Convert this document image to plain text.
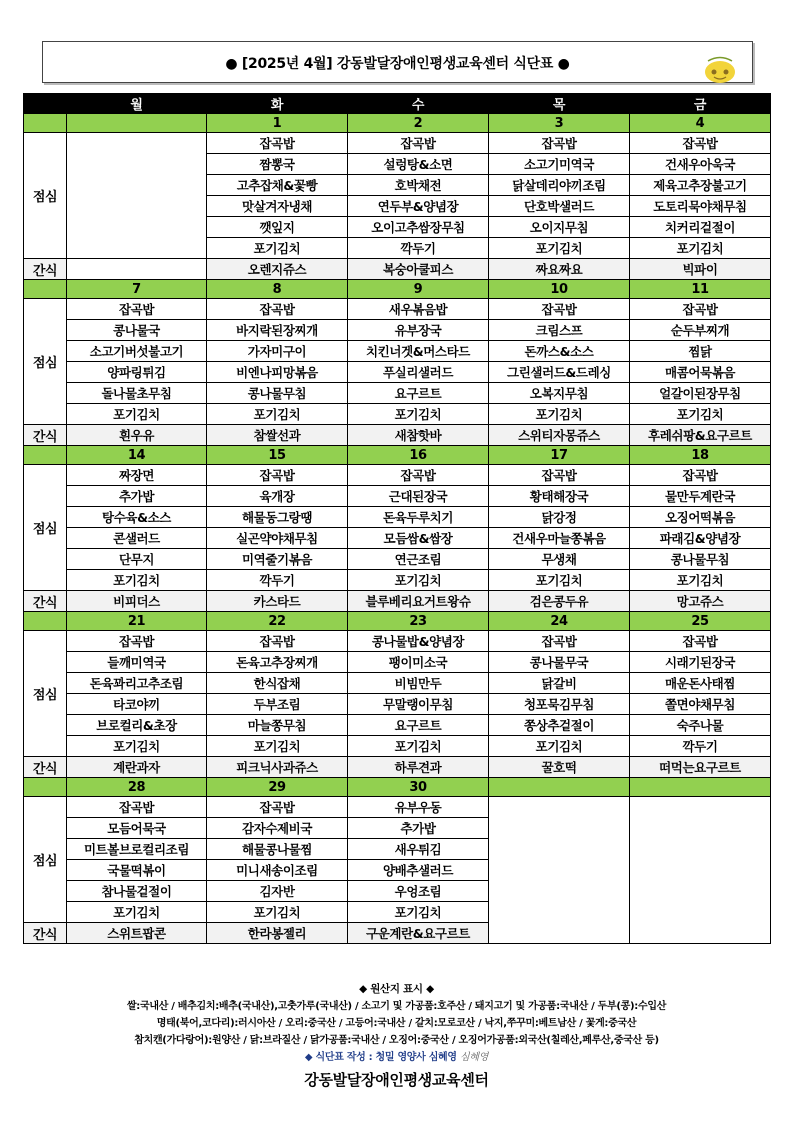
● [2025년 4월] 강동발달장애인평생교육센터 식단표 ●
	월	화	수	목	금
		1	2	3	4
점심		잡곡밥	잡곡밥	잡곡밥	잡곡밥
		짬뽕국	설렁탕&소면	소고기미역국	건새우아욱국
		고추잡채&꽃빵	호박채전	닭살데리야끼조림	제육고추장불고기
		맛살겨자냉채	연두부&양념장	단호박샐러드	도토리묵야채무침
		깻잎지	오이고추쌈장무침	오이지무침	치커리겉절이
		포기김치	깍두기	포기김치	포기김치
간식		오렌지쥬스	복숭아쿨피스	짜요짜요	빅파이
	7	8	9	10	11
점심	잡곡밥	잡곡밥	새우볶음밥	잡곡밥	잡곡밥
	콩나물국	바지락된장찌개	유부장국	크림스프	순두부찌개
	소고기버섯불고기	가자미구이	치킨너겟&머스타드	돈까스&소스	찜닭
	양파링튀김	비엔나피망볶음	푸실리샐러드	그린샐러드&드레싱	매콤어묵볶음
	돌나물초무침	콩나물무침	요구르트	오복지무침	얼갈이된장무침
	포기김치	포기김치	포기김치	포기김치	포기김치
간식	흰우유	참쌀선과	새참핫바	스위티자몽쥬스	후레쉬팡&요구르트
	14	15	16	17	18
점심	짜장면	잡곡밥	잡곡밥	잡곡밥	잡곡밥
	추가밥	육개장	근대된장국	황태해장국	물만두계란국
	탕수육&소스	해물동그랑땡	돈육두루치기	닭강정	오징어떡볶음
	콘샐러드	실곤약야채무침	모듬쌈&쌈장	건새우마늘쫑볶음	파래김&양념장
	단무지	미역줄기볶음	연근조림	무생채	콩나물무침
	포기김치	깍두기	포기김치	포기김치	포기김치
간식	비피더스	카스타드	블루베리요거트왕슈	검은콩두유	망고쥬스
	21	22	23	24	25
점심	잡곡밥	잡곡밥	콩나물밥&양념장	잡곡밥	잡곡밥
	들깨미역국	돈육고추장찌개	팽이미소국	콩나물무국	시래기된장국
	돈육꽈리고추조림	한식잡채	비빔만두	닭갈비	매운돈사태찜
	타코야끼	두부조림	무말랭이무침	청포묵김무침	쫄면야채무침
	브로컬리&초장	마늘쫑무침	요구르트	쫑상추겉절이	숙주나물
	포기김치	포기김치	포기김치	포기김치	깍두기
간식	계란과자	피크닉사과쥬스	하루견과	꿀호떡	떠먹는요구르트
	28	29	30		
점심	잡곡밥	잡곡밥	유부우동		
	모듬어묵국	감자수제비국	추가밥		
	미트볼브로컬리조림	해물콩나물찜	새우튀김		
	국물떡볶이	미니새송이조림	양배추샐러드		
	참나물겉절이	김자반	우엉조림		
	포기김치	포기김치	포기김치		
간식	스위트팝콘	한라봉젤리	구운계란&요구르트		
◆ 원산지 표시 ◆
쌀:국내산 / 배추김치:배추(국내산),고춧가루(국내산) / 소고기 및 가공품:호주산 / 돼지고기 및 가공품:국내산 / 두부(콩):수입산
명태(북어,코다리):러시아산 / 오리:중국산 / 고등어:국내산 / 갈치:모로코산 / 낙지,쭈꾸미:베트남산 / 꽃게:중국산
참치캔(가다랑어):원양산 / 닭:브라질산 / 닭가공품:국내산 / 오징어:중국산 / 오징어가공품:외국산(칠레산,페루산,중국산 등)
◆ 식단표 작성 : 청밀 영양사 심혜영 심혜영
강동발달장애인평생교육센터
